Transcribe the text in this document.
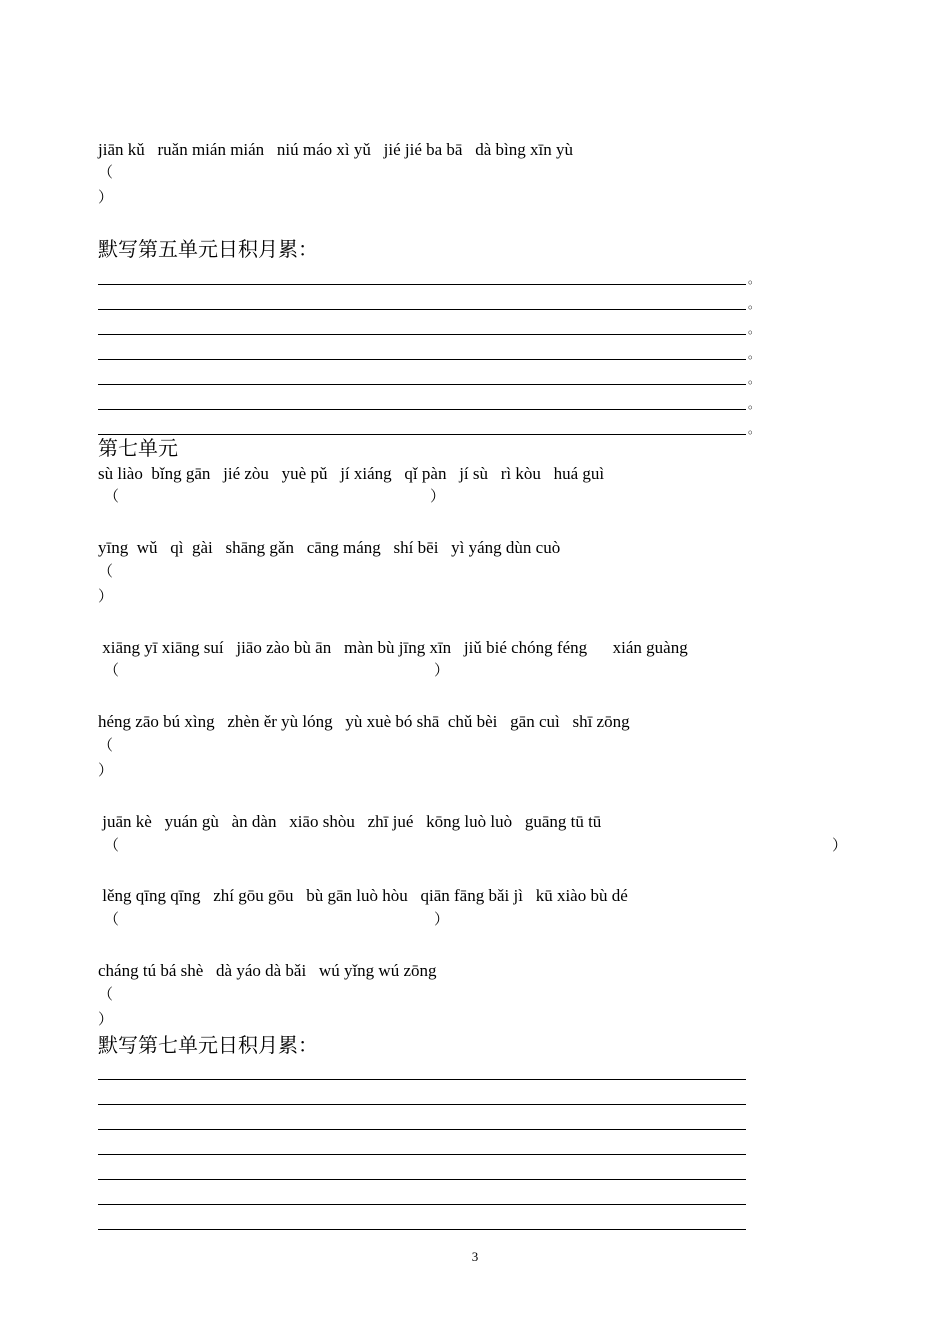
jiān kǔ   ruǎn mián mián   niú máo xì yǔ   jié jié ba bā   dà bìng xīn yù
（
）
默写第五单元日积月累：
。
。
。
。
。
。
。
第七单元
sù liào  bǐng gān   jié zòu   yuè pǔ   jí xiáng   qǐ pàn   jí sù   rì kòu   huá guì
（	）
yīng  wǔ   qì  gài   shāng gǎn   cāng máng   shí bēi   yì yáng dùn cuò
（
）
xiāng yī xiāng suí   jiāo zào bù ān   màn bù jīng xīn   jiǔ bié chóng féng      xián guàng
（	）
héng zāo bú xìng   zhèn ěr yù lóng   yù xuè bó shā  chǔ bèi   gān cuì   shī zōng
（
）
juān kè   yuán gù   àn dàn   xiāo shòu   zhī jué   kōng luò luò   guāng tū tū
（	）
lěng qīng qīng   zhí gōu gōu   bù gān luò hòu   qiān fāng bǎi jì   kū xiào bù dé
（	）
cháng tú bá shè   dà yáo dà bǎi   wú yǐng wú zōng
（
）
默写第七单元日积月累：
3
